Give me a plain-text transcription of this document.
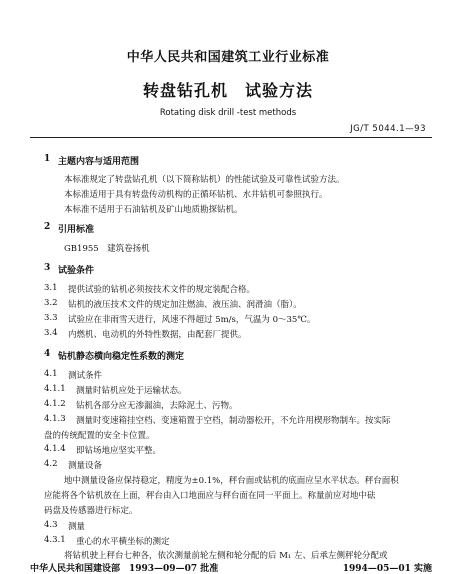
中华人民共和国建筑工业行业标准
转盘钻孔机　试验方法
Rotating disk drill -test methods
JG/T 5044.1—93
1 主题内容与适用范围
本标准规定了转盘钻孔机（以下简称钻机）的性能试验及可靠性试验方法。
本标准适用于具有转盘传动机构的正循环钻机、水井钻机可参照执行。
本标准不适用于石油钻机及矿山地质勘探钻机。
2 引用标准
GB1955　建筑卷扬机
3 试验条件
3.1 提供试验的钻机必须按技术文件的规定装配合格。
3.2 钻机的液压技术文件的规定加注燃油、液压油、润滑油（脂）。
3.3 试验应在非雨雪天进行，风速不得超过 5m/s，气温为 0～35℃。
3.4 内燃机、电动机的外特性数据，由配套厂提供。
4 钻机静态横向稳定性系数的测定
4.1 测试条件
4.1.1 测量时钻机应处于运输状态。
4.1.2 钻机各部分应无渗漏油，去除泥土、污物。
4.1.3 测量时变速箱挂空档、变速箱置于空档，制动器松开，不允许用楔形物制车。按实际
盘的传统配置的安全卡位置。
4.1.4 即钻场地应坚实平整。
4.2 测量设备
地中测量设备应保持稳定，精度为±0.1%，秤台面或钻机的底面应呈水平状态。秤台面积
应能将各个钻机放在上面，秤台由入口地面应与秤台面在同一平面上。称量前应对地中砝
码盘及传感器进行标定。
4.3 测量
4.3.1 重心的水平横坐标的测定
将钻机驶上秤台七种各，依次测量前轮左侧和轮分配的后 M₁ 左、后承左侧秤轮分配或
中华人民共和国建设部　1993—09—07 批准	1994—05—01 实施
